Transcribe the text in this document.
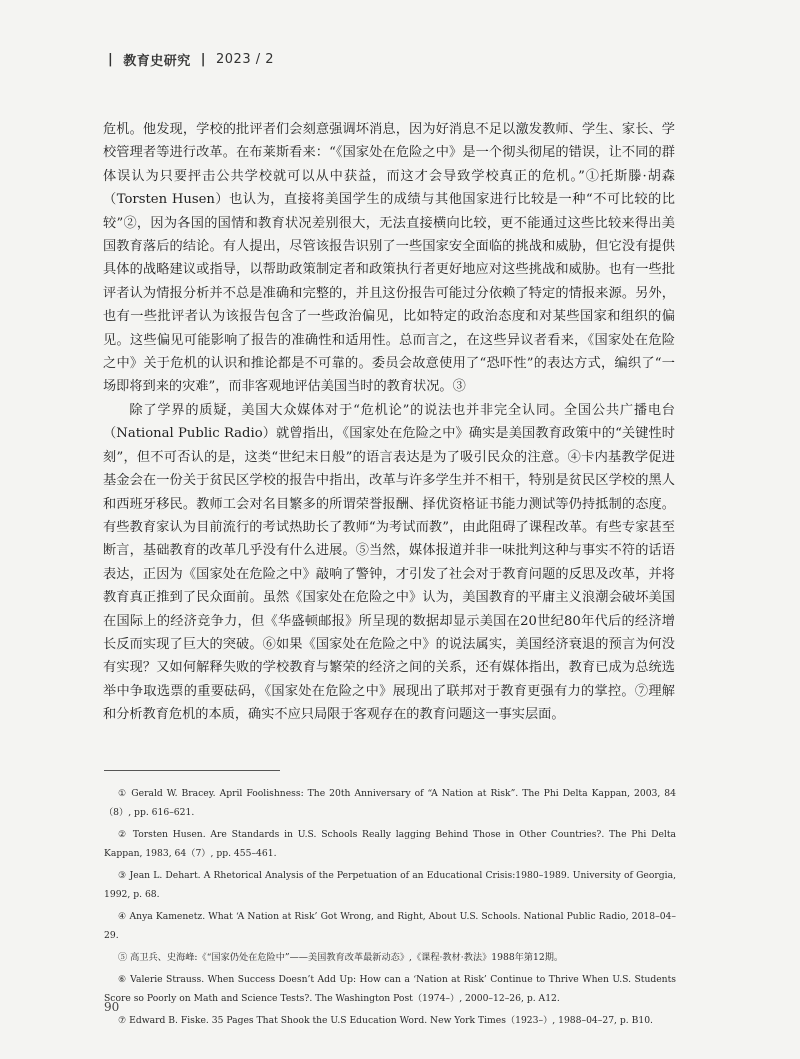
| 教育史研究 | 2023 / 2

危机。他发现，学校的批评者们会刻意强调坏消息，因为好消息不足以激发教师、学生、家长、学校管理者等进行改革。在布莱斯看来：“《国家处在危险之中》是一个彻头彻尾的错误，让不同的群体误认为只要抨击公共学校就可以从中获益，而这才会导致学校真正的危机。”①托斯滕·胡森（Torsten Husen）也认为，直接将美国学生的成绩与其他国家进行比较是一种“不可比较的比较”②，因为各国的国情和教育状况差别很大，无法直接横向比较，更不能通过这些比较来得出美国教育落后的结论。有人提出，尽管该报告识别了一些国家安全面临的挑战和威胁，但它没有提供具体的战略建议或指导，以帮助政策制定者和政策执行者更好地应对这些挑战和威胁。也有一些批评者认为情报分析并不总是准确和完整的，并且这份报告可能过分依赖了特定的情报来源。另外，也有一些批评者认为该报告包含了一些政治偏见，比如特定的政治态度和对某些国家和组织的偏见。这些偏见可能影响了报告的准确性和适用性。总而言之，在这些异议者看来，《国家处在危险之中》关于危机的认识和推论都是不可靠的。委员会故意使用了“恐吓性”的表达方式，编织了“一场即将到来的灾难”，而非客观地评估美国当时的教育状况。③

除了学界的质疑，美国大众媒体对于“危机论”的说法也并非完全认同。全国公共广播电台（National Public Radio）就曾指出，《国家处在危险之中》确实是美国教育政策中的“关键性时刻”，但不可否认的是，这类“世纪末日般”的语言表达是为了吸引民众的注意。④卡内基教学促进基金会在一份关于贫民区学校的报告中指出，改革与许多学生并不相干，特别是贫民区学校的黑人和西班牙移民。教师工会对名目繁多的所谓荣誉报酬、择优资格证书能力测试等仍持抵制的态度。有些教育家认为目前流行的考试热助长了教师“为考试而教”，由此阻碍了课程改革。有些专家甚至断言，基础教育的改革几乎没有什么进展。⑤当然，媒体报道并非一味批判这种与事实不符的话语表达，正因为《国家处在危险之中》敲响了警钟，才引发了社会对于教育问题的反思及改革，并将教育真正推到了民众面前。虽然《国家处在危险之中》认为，美国教育的平庸主义浪潮会破坏美国在国际上的经济竞争力，但《华盛顿邮报》所呈现的数据却显示美国在20世纪80年代后的经济增长反而实现了巨大的突破。⑥如果《国家处在危险之中》的说法属实，美国经济衰退的预言为何没有实现？又如何解释失败的学校教育与繁荣的经济之间的关系，还有媒体指出，教育已成为总统选举中争取选票的重要砝码，《国家处在危险之中》展现出了联邦对于教育更强有力的掌控。⑦理解和分析教育危机的本质，确实不应只局限于客观存在的教育问题这一事实层面。

① Gerald W. Bracey. April Foolishness: The 20th Anniversary of “A Nation at Risk”. The Phi Delta Kappan, 2003, 84（8）, pp. 616–621.
② Torsten Husen. Are Standards in U.S. Schools Really lagging Behind Those in Other Countries?. The Phi Delta Kappan, 1983, 64（7）, pp. 455–461.
③ Jean L. Dehart. A Rhetorical Analysis of the Perpetuation of an Educational Crisis:1980–1989. University of Georgia, 1992, p. 68.
④ Anya Kamenetz. What ‘A Nation at Risk’ Got Wrong, and Right, About U.S. Schools. National Public Radio, 2018–04–29.
⑤ 高卫兵、史海峰:《“国家仍处在危险中”——美国教育改革最新动态》,《课程·教材·教法》1988年第12期。
⑥ Valerie Strauss. When Success Doesn’t Add Up: How can a ‘Nation at Risk’ Continue to Thrive When U.S. Students Score so Poorly on Math and Science Tests?. The Washington Post（1974–）, 2000–12–26, p. A12.
⑦ Edward B. Fiske. 35 Pages That Shook the U.S Education Word. New York Times（1923–）, 1988–04–27, p. B10.
90
